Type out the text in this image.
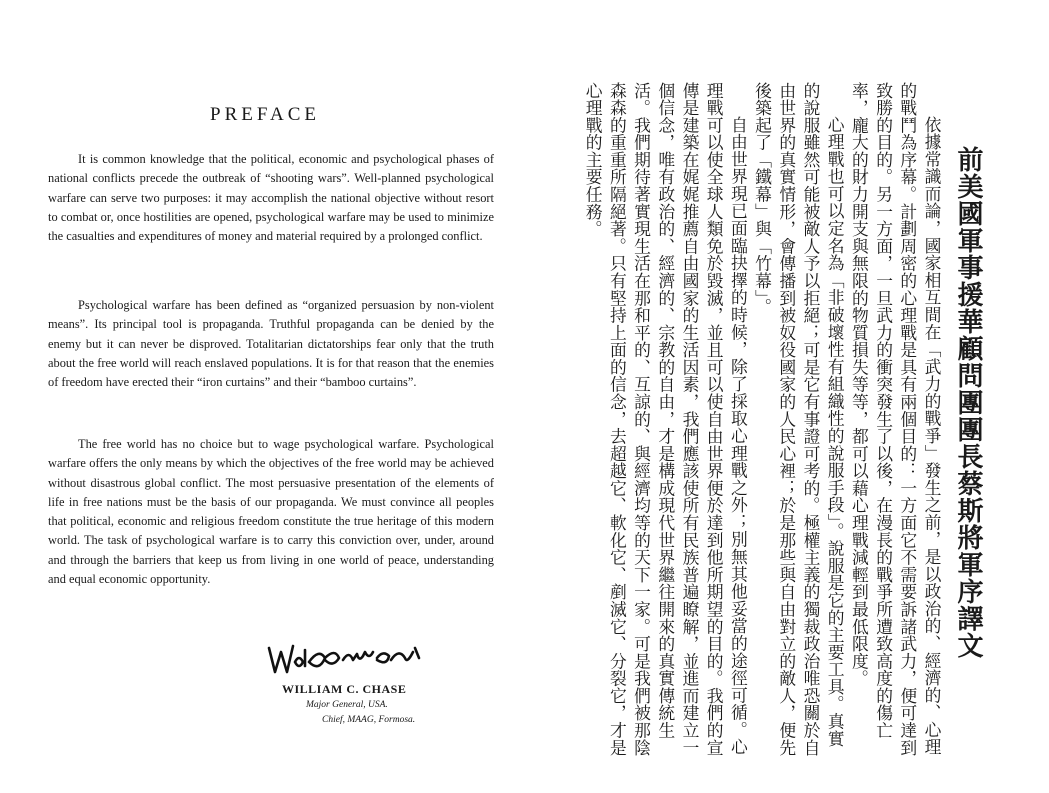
PREFACE

It is common knowledge that the political, economic and psychological phases of national conflicts precede the outbreak of “shooting wars”. Well-planned psychological warfare can serve two purposes: it may accomplish the national objective without resort to combat or, once hostilities are opened, psychological warfare may be used to minimize the casualties and expenditures of money and material required by a prolonged conflict.

Psychological warfare has been defined as “organized persuasion by non-violent means”. Its principal tool is propaganda. Truthful propaganda can be denied by the enemy but it can never be disproved. Totalitarian dictatorships fear only that the truth about the free world will reach enslaved populations. It is for that reason that the enemies of freedom have erected their “iron curtains” and their “bamboo curtains”.

The free world has no choice but to wage psychological warfare. Psychological warfare offers the only means by which the objectives of the free world may be achieved without disastrous global conflict. The most persuasive presentation of the elements of life in free nations must be the basis of our propaganda. We must convince all peoples that political, economic and religious freedom constitute the true heritage of this modern world. The task of psychological warfare is to carry this conviction over, under, around and through the barriers that keep us from living in one world of peace, understanding and equal economic opportunity.

WILLIAM C. CHASE

Major General, USA.

Chief, MAAG, Formosa.

前美國軍事援華顧問團團長蔡斯將軍序譯文

依據常識而論，國家相互間在「武力的戰爭」發生之前，是以政治的、經濟的、心理的戰鬥為序幕。計劃周密的心理戰是具有兩個目的：一方面它不需要訴諸武力，便可達到致勝的目的。另一方面，一旦武力的衝突發生了以後，在漫長的戰爭所遭致高度的傷亡率，龐大的財力開支與無限的物質損失等等，都可以藉心理戰減輕到最低限度。

心理戰也可以定名為「非破壞性有組織性的說服手段」。說服是它的主要工具。真實的說服雖然可能被敵人予以拒絕；可是它有事證可考的。極權主義的獨裁政治唯恐關於自由世界的真實情形，會傳播到被奴役國家的人民心裡；於是那些與自由對立的敵人，便先後築起了「鐵幕」與「竹幕」。

自由世界現已面臨抉擇的時候，除了採取心理戰之外；別無其他妥當的途徑可循。心理戰可以使全球人類免於毀滅，並且可以使自由世界便於達到他所期望的目的。我們的宣傳是建築在娓娓推薦自由國家的生活因素，我們應該使所有民族普遍瞭解，並進而建立一個信念，唯有政治的、經濟的、宗教的自由，才是構成現代世界繼往開來的真實傳統生活。我們期待著實現生活在那和平的、互諒的、與經濟均等的天下一家。可是我們被那陰森森的重重所隔絕著。只有堅持上面的信念，去超越它、軟化它、剷滅它、分裂它，才是心理戰的主要任務。
